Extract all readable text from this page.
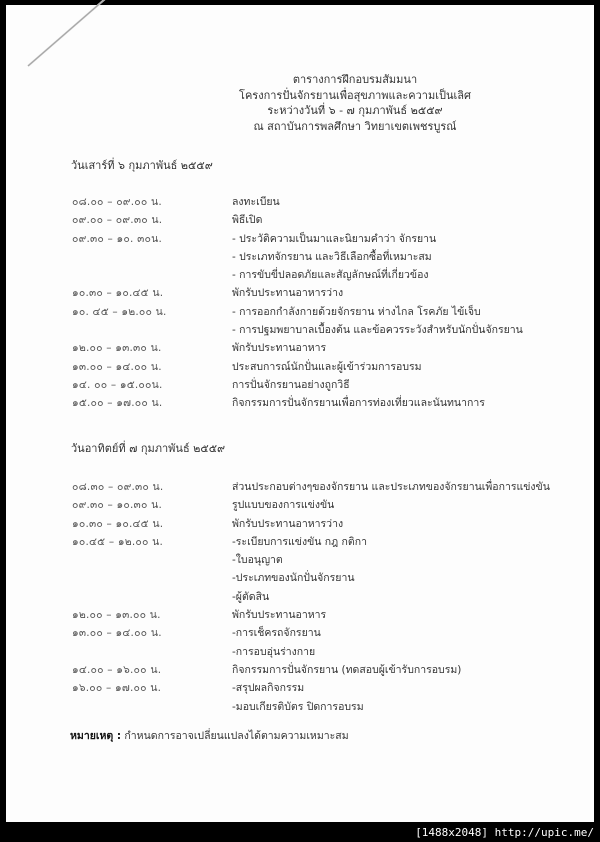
ตารางการฝึกอบรมสัมมนา
โครงการปั่นจักรยานเพื่อสุขภาพและความเป็นเลิศ
ระหว่างวันที่ ๖ - ๗ กุมภาพันธ์ ๒๕๕๙
ณ สถาบันการพลศึกษา วิทยาเขตเพชรบูรณ์
วันเสาร์ที่ ๖ กุมภาพันธ์ ๒๕๕๙
๐๘.๐๐ – ๐๙.๐๐ น.	ลงทะเบียน
๐๙.๐๐ – ๐๙.๓๐ น.	พิธีเปิด
๐๙.๓๐ – ๑๐. ๓๐น.	- ประวัติความเป็นมาและนิยามคำว่า จักรยาน
- ประเภทจักรยาน และวิธีเลือกซื้อที่เหมาะสม
- การขับขี่ปลอดภัยและสัญลักษณ์ที่เกี่ยวข้อง
๑๐.๓๐ – ๑๐.๔๕ น.	พักรับประทานอาหารว่าง
๑๐. ๔๕ – ๑๒.๐๐ น.	- การออกกำลังกายด้วยจักรยาน ห่างไกล โรคภัย ไข้เจ็บ
- การปฐมพยาบาลเบื้องต้น และข้อควรระวังสำหรับนักปั่นจักรยาน
๑๒.๐๐ – ๑๓.๓๐ น.	พักรับประทานอาหาร
๑๓.๐๐ – ๑๔.๐๐ น.	ประสบการณ์นักปั่นและผู้เข้าร่วมการอบรม
๑๔. ๐๐ – ๑๕.๐๐น.	การปั่นจักรยานอย่างถูกวิธี
๑๕.๐๐ – ๑๗.๐๐ น.	กิจกรรมการปั่นจักรยานเพื่อการท่องเที่ยวและนันทนาการ
วันอาทิตย์ที่ ๗ กุมภาพันธ์ ๒๕๕๙
๐๘.๓๐ – ๐๙.๓๐ น.	ส่วนประกอบต่างๆของจักรยาน และประเภทของจักรยานเพื่อการแข่งขัน
๐๙.๓๐ – ๑๐.๓๐ น.	รูปแบบของการแข่งขัน
๑๐.๓๐ – ๑๐.๔๕ น.	พักรับประทานอาหารว่าง
๑๐.๔๕ – ๑๒.๐๐ น.	-ระเบียบการแข่งขัน กฎ กติกา
-ใบอนุญาต
-ประเภทของนักปั่นจักรยาน
-ผู้ตัดสิน
๑๒.๐๐ – ๑๓.๐๐ น.	พักรับประทานอาหาร
๑๓.๐๐ – ๑๔.๐๐ น.	-การเช็ครถจักรยาน
-การอบอุ่นร่างกาย
๑๔.๐๐ – ๑๖.๐๐ น.	กิจกรรมการปั่นจักรยาน (ทดสอบผู้เข้ารับการอบรม)
๑๖.๐๐ – ๑๗.๐๐ น.	-สรุปผลกิจกรรม
-มอบเกียรติบัตร ปิดการอบรม
หมายเหตุ : กำหนดการอาจเปลี่ยนแปลงได้ตามความเหมาะสม
[1488x2048] http://upic.me/
